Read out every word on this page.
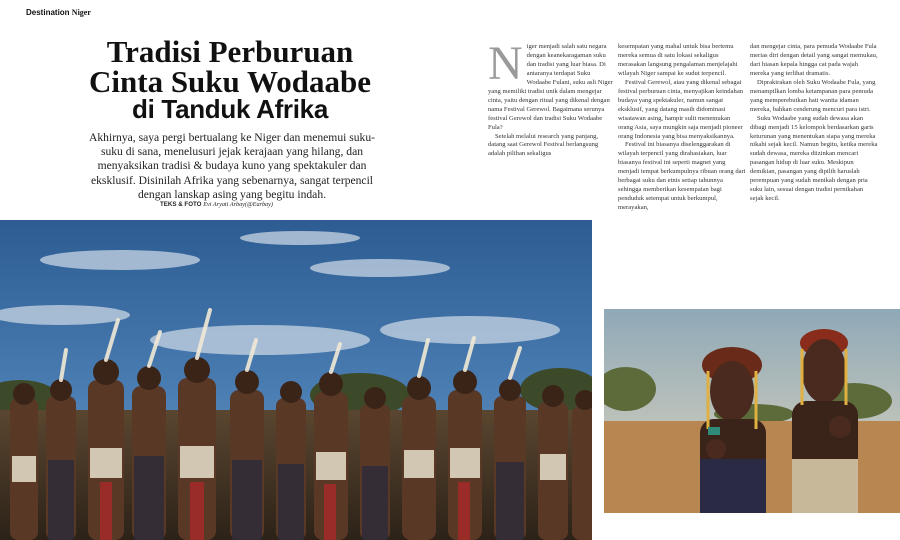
Destination Niger
Tradisi Perburuan
Cinta Suku Wodaabe
di Tanduk Afrika

Akhirnya, saya pergi bertualang ke Niger dan menemui suku-suku di sana, menelusuri jejak kerajaan yang hilang, dan menyaksikan tradisi & budaya kuno yang spektakuler dan eksklusif. Disinilah Afrika yang sebenarnya, sangat terpencil dengan lanskap asing yang begitu indah.

TEKS & FOTO Evi Aryati Arbay(@Earbay)
N iger menjadi salah satu negara dengan keanekaragaman suku dan tradisi yang luar biasa. Di antaranya terdapat Suku Wodaabe Fulani, suku asli Niger yang memiliki tradisi unik dalam mengejar cinta, yaitu dengan ritual yang dikenal dengan nama Festival Gerewol. Bagaimana serunya festival Gerewol dan tradisi Suku Wodaabe Fula?

Setelah melalui research yang panjang, datang saat Gerewol Festival berlangsung adalah pilihan sekaligus

kesempatan yang mahal untuk bisa bertemu mereka semua di satu lokasi sekaligus merasakan langsung pengalaman menjelajahi wilayah Niger sampai ke sudut terpencil.

Festival Gerewol, atau yang dikenal sebagai festival perburuan cinta, menyajikan keindahan budaya yang spektakuler, namun sangat eksklusif, yang datang masih didominasi wisatawan asing, hampir sulit menemukan orang Asia, saya mungkin saja menjadi pioneer orang Indonesia yang bisa menyaksikannya.

Festival ini biasanya diselenggarakan di wilayah terpencil yang dirahasiakan, luar biasanya festival ini seperti magnet yang menjadi tempat berkumpulnya ribuan orang dari berbagai suku dan etnis setiap tahunnya sehingga memberikan kesempatan bagi penduduk setempat untuk berkumpul, merayakan,

dan mengejar cinta, para pemuda Wodaabe Fula merias diri dengan detail yang sangat memukau, dari hiasan kepala hingga cat pada wajah mereka yang terlihat dramatis.

Diprakirakan oleh Suku Wodaabe Fula, yang menampilkan lomba ketampanan para pemuda yang memperebutkan hati wanita idaman mereka, bahkan cenderung mencuri para istri.

Suku Wodaabe yang sudah dewasa akan dibagi menjadi 15 kelompok berdasarkan garis keturunan yang menentukan siapa yang mereka nikahi sejak kecil. Namun begitu, ketika mereka sudah dewasa, mereka diizinkan mencari pasangan hidup di luar suku. Meskipun demikian, pasangan yang dipilih haruslah perempuan yang sudah menikah dengan pria suku lain, sesuai dengan tradisi pernikahan sejak kecil.
